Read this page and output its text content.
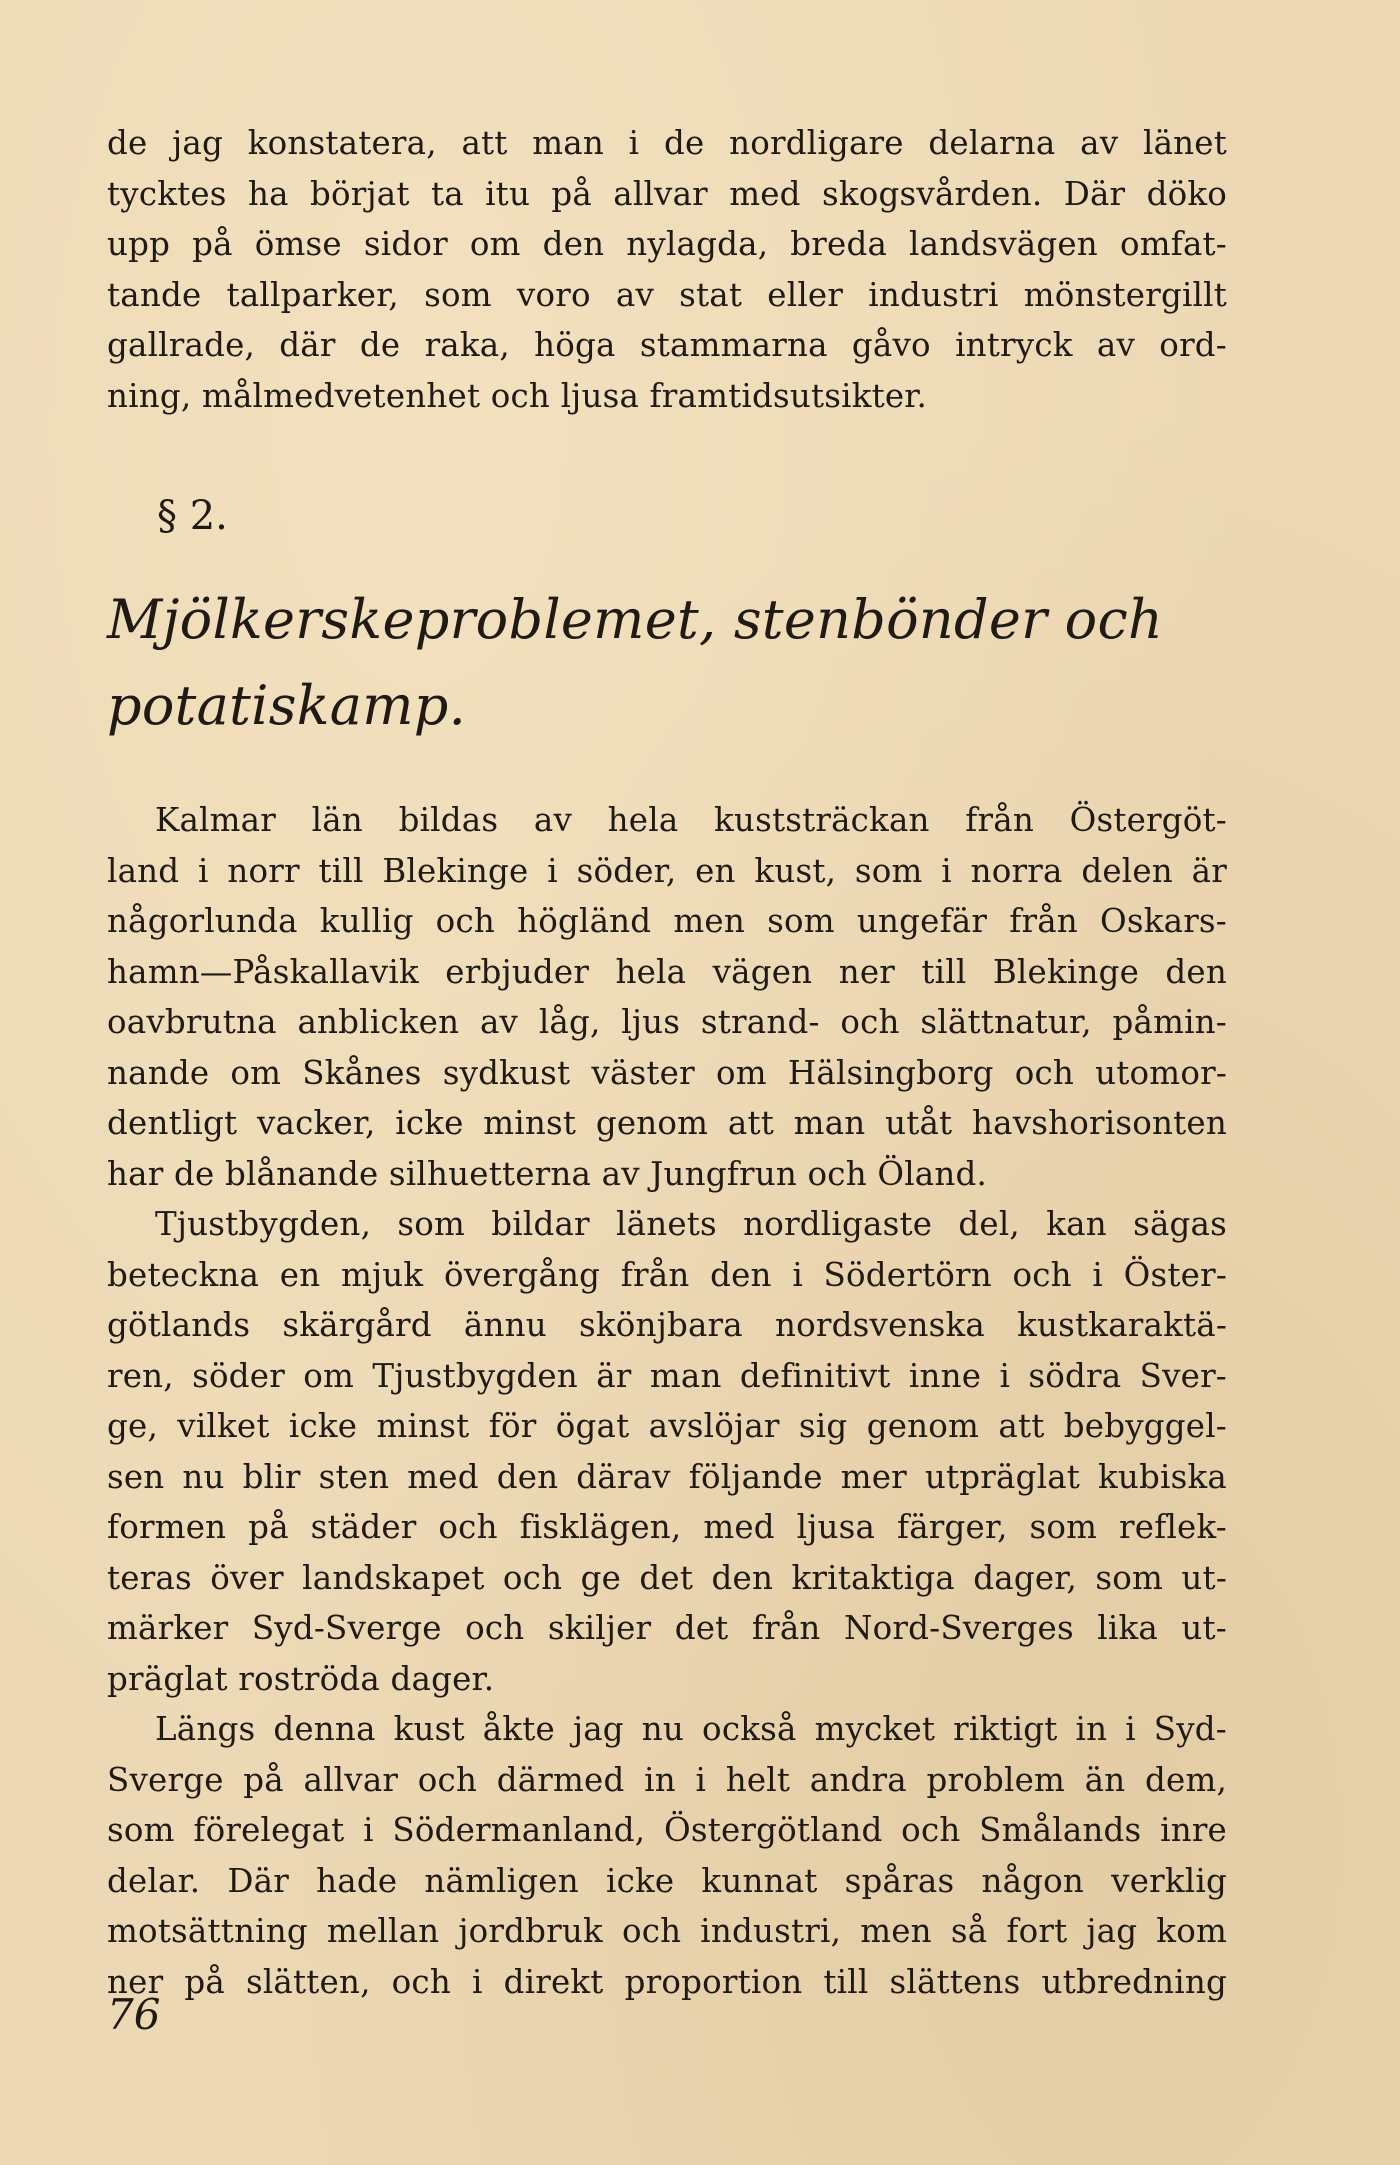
de jag konstatera, att man i de nordligare delarna av länet
tycktes ha börjat ta itu på allvar med skogsvården. Där döko
upp på ömse sidor om den nylagda, breda landsvägen omfat-
tande tallparker, som voro av stat eller industri mönstergillt
gallrade, där de raka, höga stammarna gåvo intryck av ord-
ning, målmedvetenhet och ljusa framtidsutsikter.

§ 2.
Mjölkerskeproblemet, stenbönder och
potatiskamp.

Kalmar län bildas av hela kuststräckan från Östergöt-
land i norr till Blekinge i söder, en kust, som i norra delen är
någorlunda kullig och högländ men som ungefär från Oskars-
hamn—Påskallavik erbjuder hela vägen ner till Blekinge den
oavbrutna anblicken av låg, ljus strand- och slättnatur, påmin-
nande om Skånes sydkust väster om Hälsingborg och utomor-
dentligt vacker, icke minst genom att man utåt havshorisonten
har de blånande silhuetterna av Jungfrun och Öland.

Tjustbygden, som bildar länets nordligaste del, kan sägas
beteckna en mjuk övergång från den i Södertörn och i Öster-
götlands skärgård ännu skönjbara nordsvenska kustkaraktä-
ren, söder om Tjustbygden är man definitivt inne i södra Sver-
ge, vilket icke minst för ögat avslöjar sig genom att bebyggel-
sen nu blir sten med den därav följande mer utpräglat kubiska
formen på städer och fisklägen, med ljusa färger, som reflek-
teras över landskapet och ge det den kritaktiga dager, som ut-
märker Syd-Sverge och skiljer det från Nord-Sverges lika ut-
präglat roströda dager.

Längs denna kust åkte jag nu också mycket riktigt in i Syd-
Sverge på allvar och därmed in i helt andra problem än dem,
som förelegat i Södermanland, Östergötland och Smålands inre
delar. Där hade nämligen icke kunnat spåras någon verklig
motsättning mellan jordbruk och industri, men så fort jag kom
ner på slätten, och i direkt proportion till slättens utbredning

76
